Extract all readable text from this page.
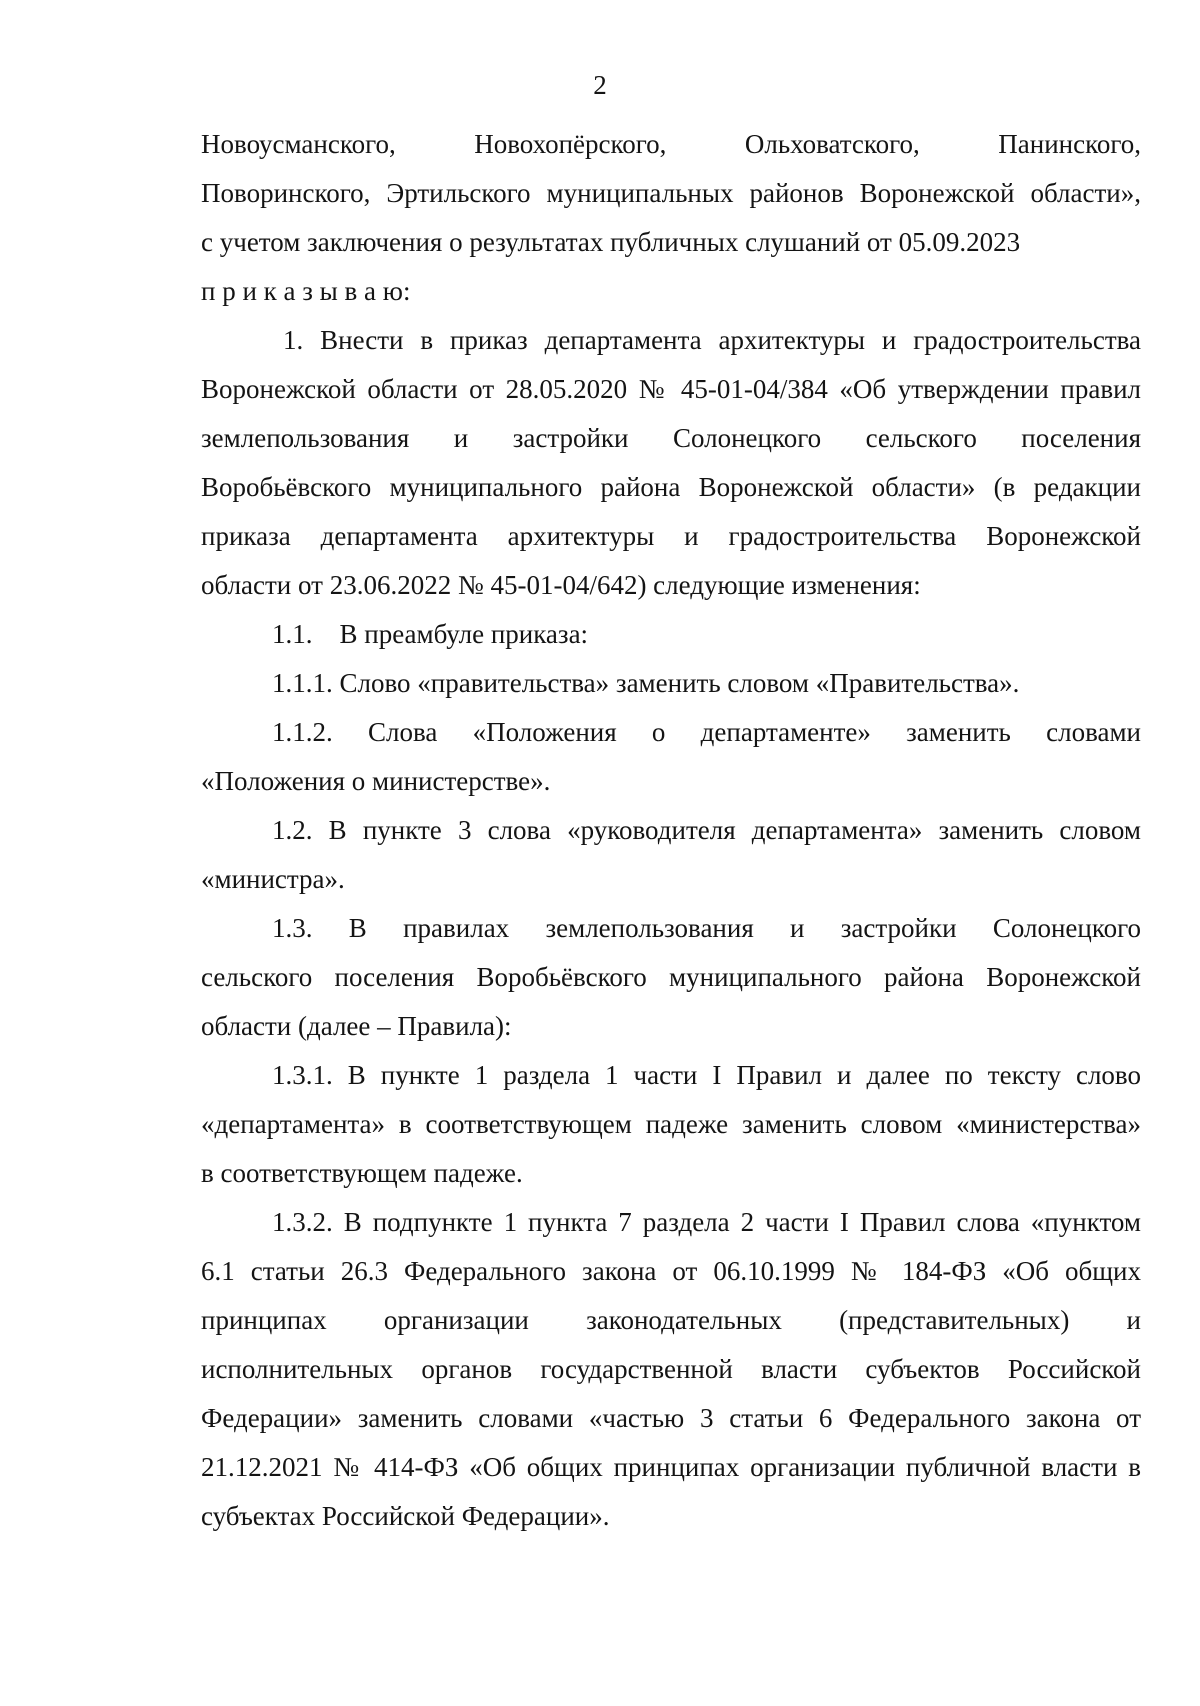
2

Новоусманского, Новохопёрского, Ольховатского, Панинского,
Поворинского, Эртильского муниципальных районов Воронежской области»,
с учетом заключения о результатах публичных слушаний от 05.09.2023
п р и к а з ы в а ю:

1. Внести в приказ департамента архитектуры и градостроительства
Воронежской области от 28.05.2020 № 45-01-04/384 «Об утверждении правил
землепользования и застройки Солонецкого сельского поселения
Воробьёвского муниципального района Воронежской области» (в редакции
приказа департамента архитектуры и градостроительства Воронежской
области от 23.06.2022 № 45-01-04/642) следующие изменения:

1.1.    В преамбуле приказа:

1.1.1. Слово «правительства» заменить словом «Правительства».

1.1.2. Слова «Положения о департаменте» заменить словами
«Положения о министерстве».

1.2. В пункте 3 слова «руководителя департамента» заменить словом
«министра».

1.3. В правилах землепользования и застройки Солонецкого
сельского поселения Воробьёвского муниципального района Воронежской
области (далее – Правила):

1.3.1. В пункте 1 раздела 1 части I Правил и далее по тексту слово
«департамента» в соответствующем падеже заменить словом «министерства»
в соответствующем падеже.

1.3.2. В подпункте 1 пункта 7 раздела 2 части I Правил слова «пунктом
6.1 статьи 26.3 Федерального закона от 06.10.1999 № 184-ФЗ «Об общих
принципах организации законодательных (представительных) и
исполнительных органов государственной власти субъектов Российской
Федерации» заменить словами «частью 3 статьи 6 Федерального закона от
21.12.2021 № 414-ФЗ «Об общих принципах организации публичной власти в
субъектах Российской Федерации».
